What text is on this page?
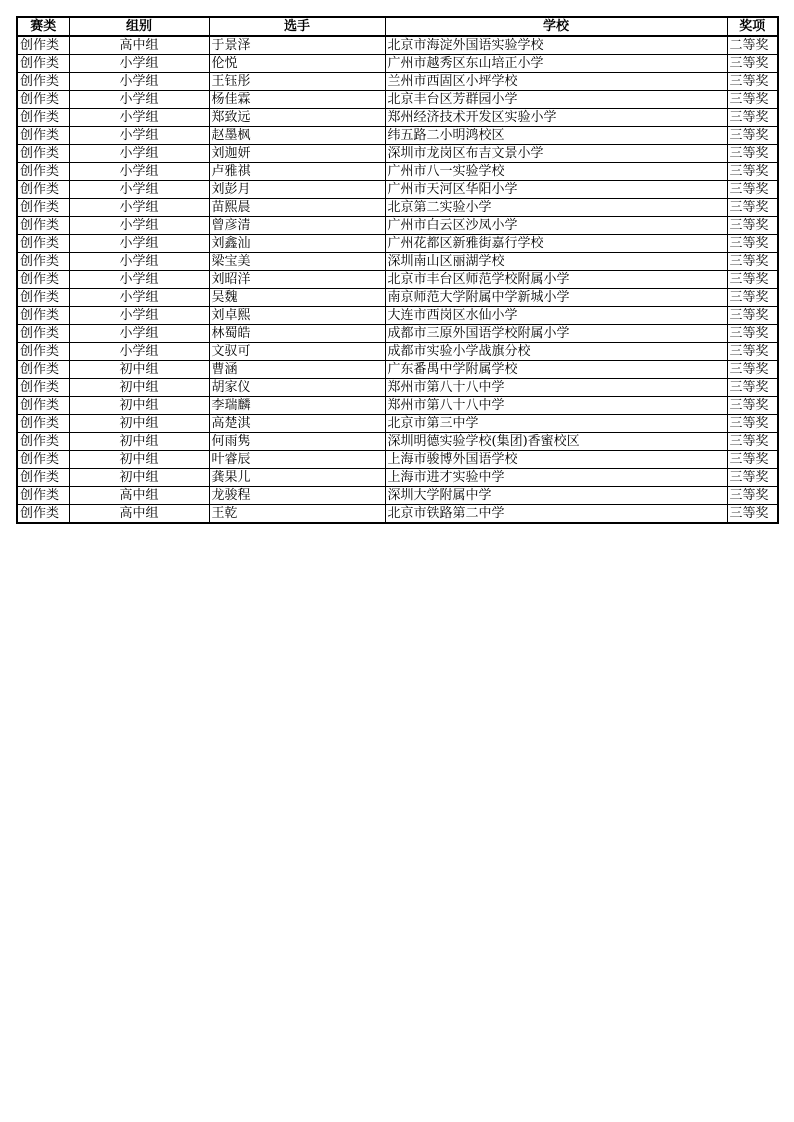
赛类	组别	选手	学校	奖项
创作类	高中组	于景泽	北京市海淀外国语实验学校	二等奖
创作类	小学组	伦悦	广州市越秀区东山培正小学	三等奖
创作类	小学组	王钰彤	兰州市西固区小坪学校	三等奖
创作类	小学组	杨佳霖	北京丰台区芳群园小学	三等奖
创作类	小学组	郑致远	郑州经济技术开发区实验小学	三等奖
创作类	小学组	赵墨枫	纬五路二小明鸿校区	三等奖
创作类	小学组	刘迦妍	深圳市龙岗区布吉文景小学	三等奖
创作类	小学组	卢雅祺	广州市八一实验学校	三等奖
创作类	小学组	刘彭月	广州市天河区华阳小学	三等奖
创作类	小学组	苗熙晨	北京第二实验小学	三等奖
创作类	小学组	曾彦清	广州市白云区沙凤小学	三等奖
创作类	小学组	刘鑫汕	广州花都区新雅街嘉行学校	三等奖
创作类	小学组	梁宝美	深圳南山区丽湖学校	三等奖
创作类	小学组	刘昭洋	北京市丰台区师范学校附属小学	三等奖
创作类	小学组	吴魏	南京师范大学附属中学新城小学	三等奖
创作类	小学组	刘卓熙	大连市西岗区水仙小学	三等奖
创作类	小学组	林蜀皓	成都市三原外国语学校附属小学	三等奖
创作类	小学组	文驭可	成都市实验小学战旗分校	三等奖
创作类	初中组	曹涵	广东番禺中学附属学校	三等奖
创作类	初中组	胡家仪	郑州市第八十八中学	三等奖
创作类	初中组	李瑞麟	郑州市第八十八中学	三等奖
创作类	初中组	高楚淇	北京市第三中学	三等奖
创作类	初中组	何雨隽	深圳明德实验学校(集团)香蜜校区	三等奖
创作类	初中组	叶睿辰	上海市骏博外国语学校	三等奖
创作类	初中组	龚果儿	上海市进才实验中学	三等奖
创作类	高中组	龙骏程	深圳大学附属中学	三等奖
创作类	高中组	王乾	北京市铁路第二中学	三等奖
